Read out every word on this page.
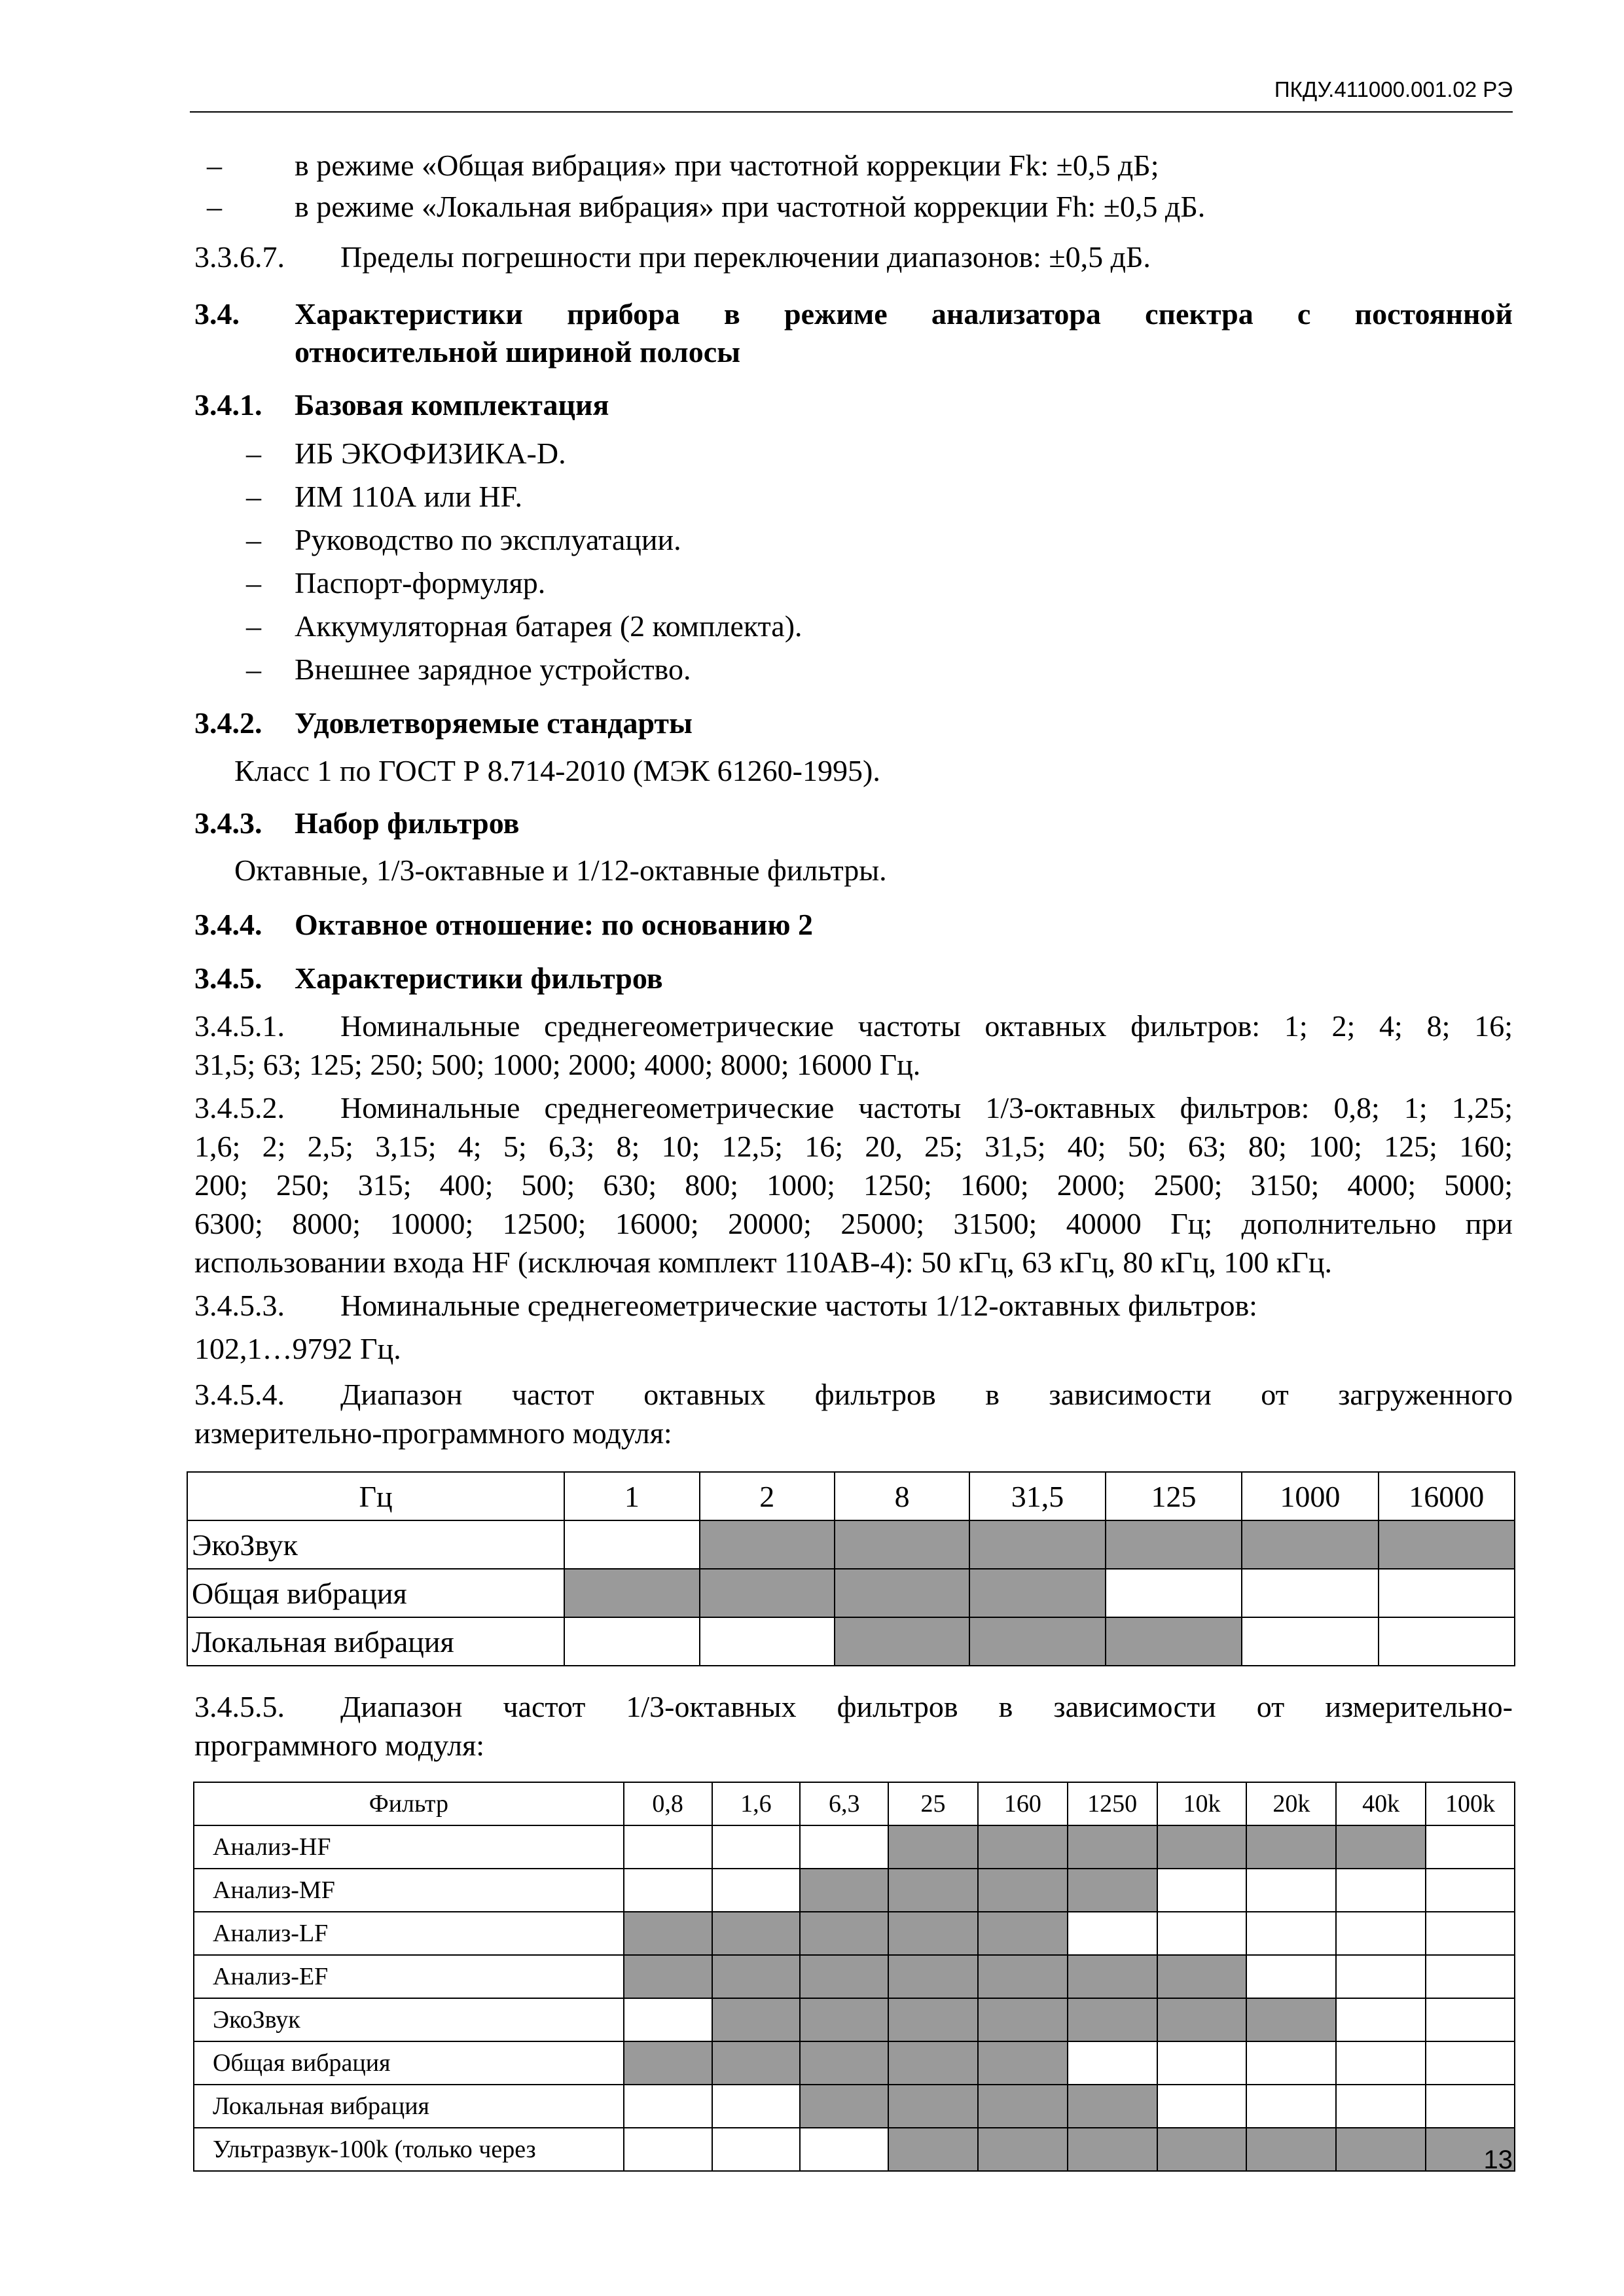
ПКДУ.411000.001.02 РЭ
– в режиме «Общая вибрация» при частотной коррекции Fk: ±0,5 дБ;
– в режиме «Локальная вибрация» при частотной коррекции Fh: ±0,5 дБ.
3.3.6.7. Пределы погрешности при переключении диапазонов: ±0,5 дБ.
3.4. Характеристики прибора в режиме анализатора спектра с постоянной
относительной шириной полосы
3.4.1. Базовая комплектация
– ИБ ЭКОФИЗИКА-D.
– ИМ 110А или HF.
– Руководство по эксплуатации.
– Паспорт-формуляр.
– Аккумуляторная батарея (2 комплекта).
– Внешнее зарядное устройство.
3.4.2. Удовлетворяемые стандарты
Класс 1 по ГОСТ Р 8.714-2010 (МЭК 61260-1995).
3.4.3. Набор фильтров
Октавные, 1/3-октавные и 1/12-октавные фильтры.
3.4.4. Октавное отношение: по основанию 2
3.4.5. Характеристики фильтров
3.4.5.1. Номинальные среднегеометрические частоты октавных фильтров: 1; 2; 4; 8; 16;
31,5; 63; 125; 250; 500; 1000; 2000; 4000; 8000; 16000 Гц.
3.4.5.2. Номинальные среднегеометрические частоты 1/3-октавных фильтров: 0,8; 1; 1,25;
1,6; 2; 2,5; 3,15; 4; 5; 6,3; 8; 10; 12,5; 16; 20, 25; 31,5; 40; 50; 63; 80; 100; 125; 160;
200; 250; 315; 400; 500; 630; 800; 1000; 1250; 1600; 2000; 2500; 3150; 4000; 5000;
6300; 8000; 10000; 12500; 16000; 20000; 25000; 31500; 40000 Гц; дополнительно при
использовании входа HF (исключая комплект 110АВ-4): 50 кГц, 63 кГц, 80 кГц, 100 кГц.
3.4.5.3. Номинальные среднегеометрические частоты 1/12-октавных фильтров:
102,1…9792 Гц.
3.4.5.4. Диапазон частот октавных фильтров в зависимости от загруженного
измерительно-программного модуля:
Гц	1	2	8	31,5	125	1000	16000
ЭкоЗвук							
Общая вибрация							
Локальная вибрация							
3.4.5.5. Диапазон частот 1/3-октавных фильтров в зависимости от измерительно-
программного модуля:
Фильтр	0,8	1,6	6,3	25	160	1250	10k	20k	40k	100k
Анализ-HF										
Анализ-MF										
Анализ-LF										
Анализ-EF										
ЭкоЗвук										
Общая вибрация										
Локальная вибрация										
Ультразвук-100k (только через											13
